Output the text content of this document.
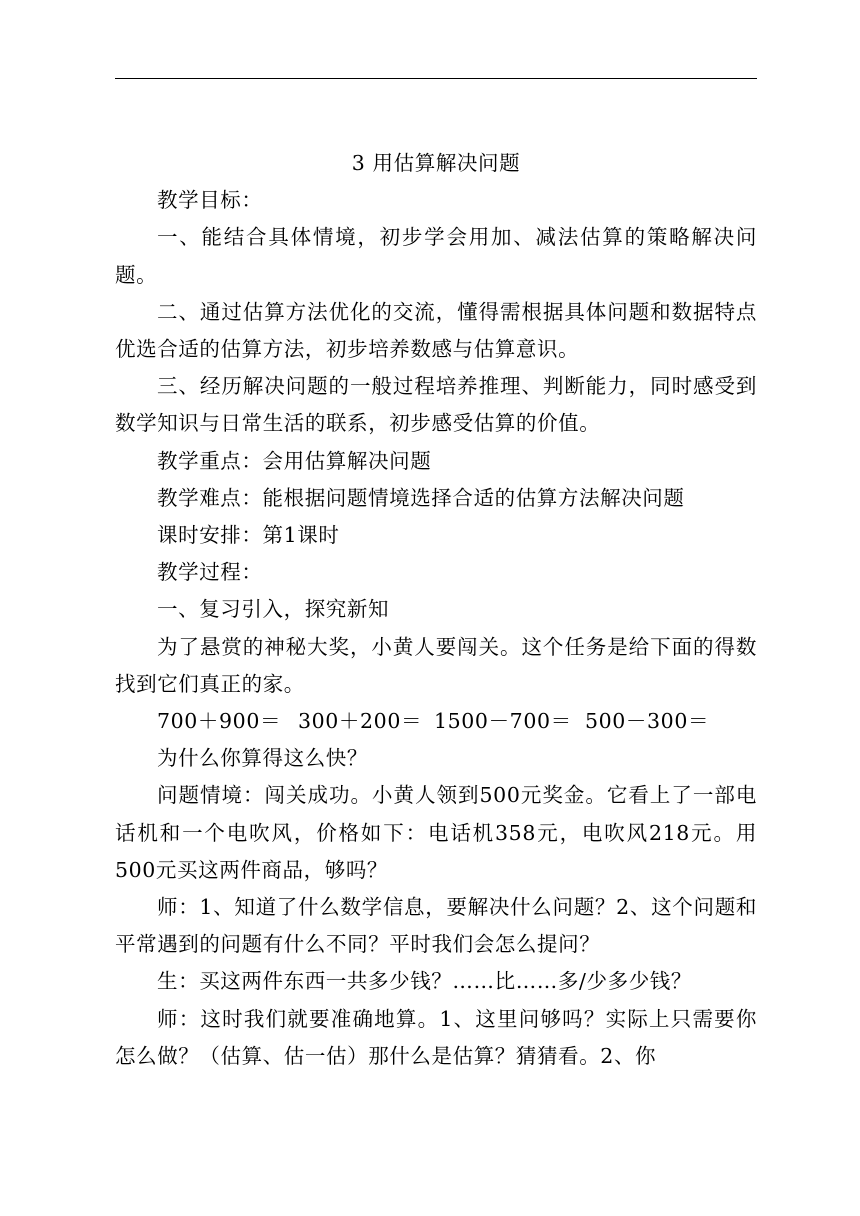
3 用估算解决问题

教学目标：

一、能结合具体情境，初步学会用加、减法估算的策略解决问题。

二、通过估算方法优化的交流，懂得需根据具体问题和数据特点优选合适的估算方法，初步培养数感与估算意识。

三、经历解决问题的一般过程培养推理、判断能力，同时感受到数学知识与日常生活的联系，初步感受估算的价值。

教学重点：会用估算解决问题

教学难点：能根据问题情境选择合适的估算方法解决问题

课时安排：第1课时

教学过程：

一、复习引入，探究新知

为了悬赏的神秘大奖，小黄人要闯关。这个任务是给下面的得数找到它们真正的家。

700＋900＝ 300＋200＝ 1500－700＝ 500－300＝

为什么你算得这么快？

问题情境：闯关成功。小黄人领到500元奖金。它看上了一部电话机和一个电吹风，价格如下：电话机358元，电吹风218元。用500元买这两件商品，够吗？

师：1、知道了什么数学信息，要解决什么问题？2、这个问题和平常遇到的问题有什么不同？平时我们会怎么提问？

生：买这两件东西一共多少钱？……比……多/少多少钱？

师：这时我们就要准确地算。1、这里问够吗？实际上只需要你怎么做？（估算、估一估）那什么是估算？猜猜看。2、你
